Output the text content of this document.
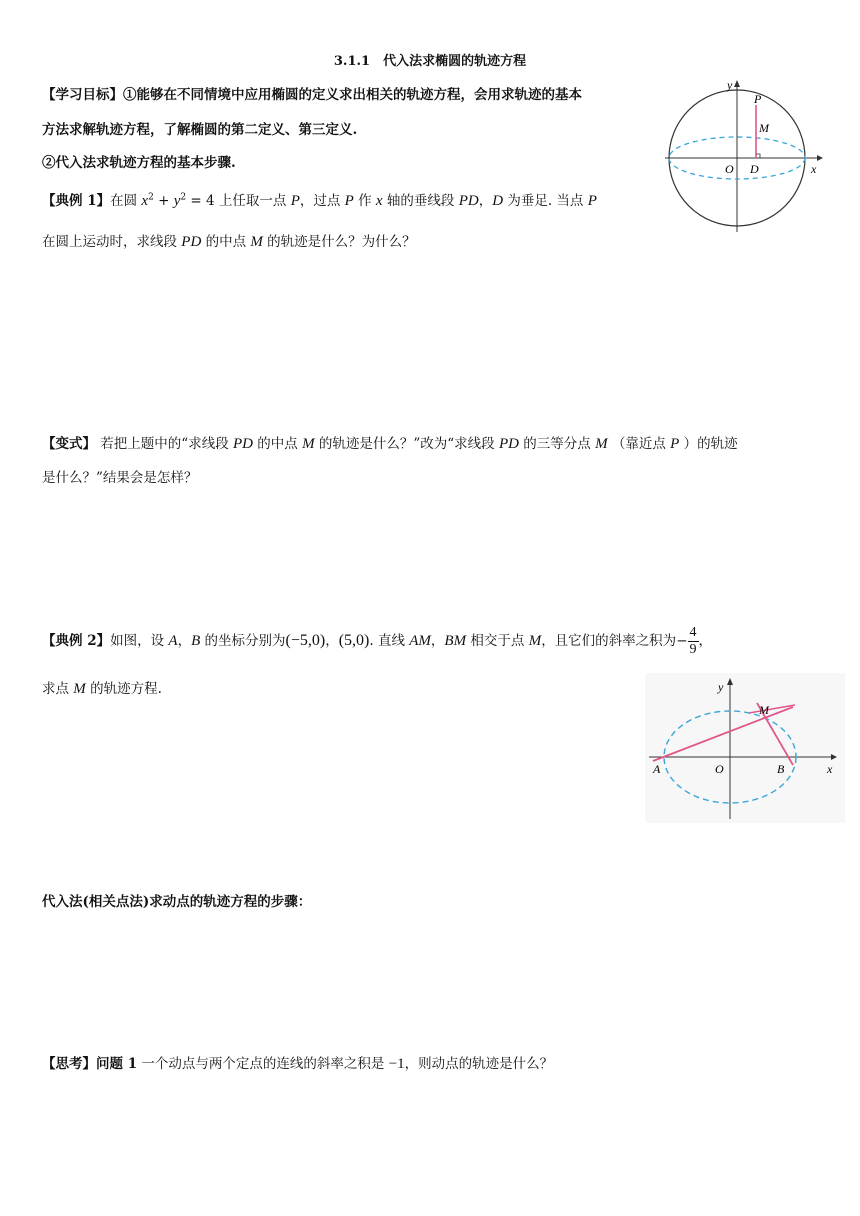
3.1.1　代入法求椭圆的轨迹方程
【学习目标】①能够在不同情境中应用椭圆的定义求出相关的轨迹方程，会用求轨迹的基本
方法求解轨迹方程，了解椭圆的第二定义、第三定义.
②代入法求轨迹方程的基本步骤.
【典例 1】在圆 $x^2 + y^2 = 4$ 上任取一点 P，过点 P 作 x 轴的垂线段 PD，D 为垂足. 当点 P
在圆上运动时，求线段 PD 的中点 M 的轨迹是什么？为什么？
P
M
O D	x
y
【变式】 若把上题中的“求线段 PD 的中点 M 的轨迹是什么？”改为“求线段 PD 的三等分点 M （靠近点 P ）的轨迹
是什么？”结果会是怎样？
【典例 2】如图，设 A，B 的坐标分别为(−5,0)，(5,0). 直线 AM，BM 相交于点 M，且它们的斜率之积为− $\frac{4}{9}$ ，
求点 M 的轨迹方程.
M
A	O	B	x
y
代入法(相关点法)求动点的轨迹方程的步骤：
【思考】问题 1 一个动点与两个定点的连线的斜率之积是 −1，则动点的轨迹是什么？
